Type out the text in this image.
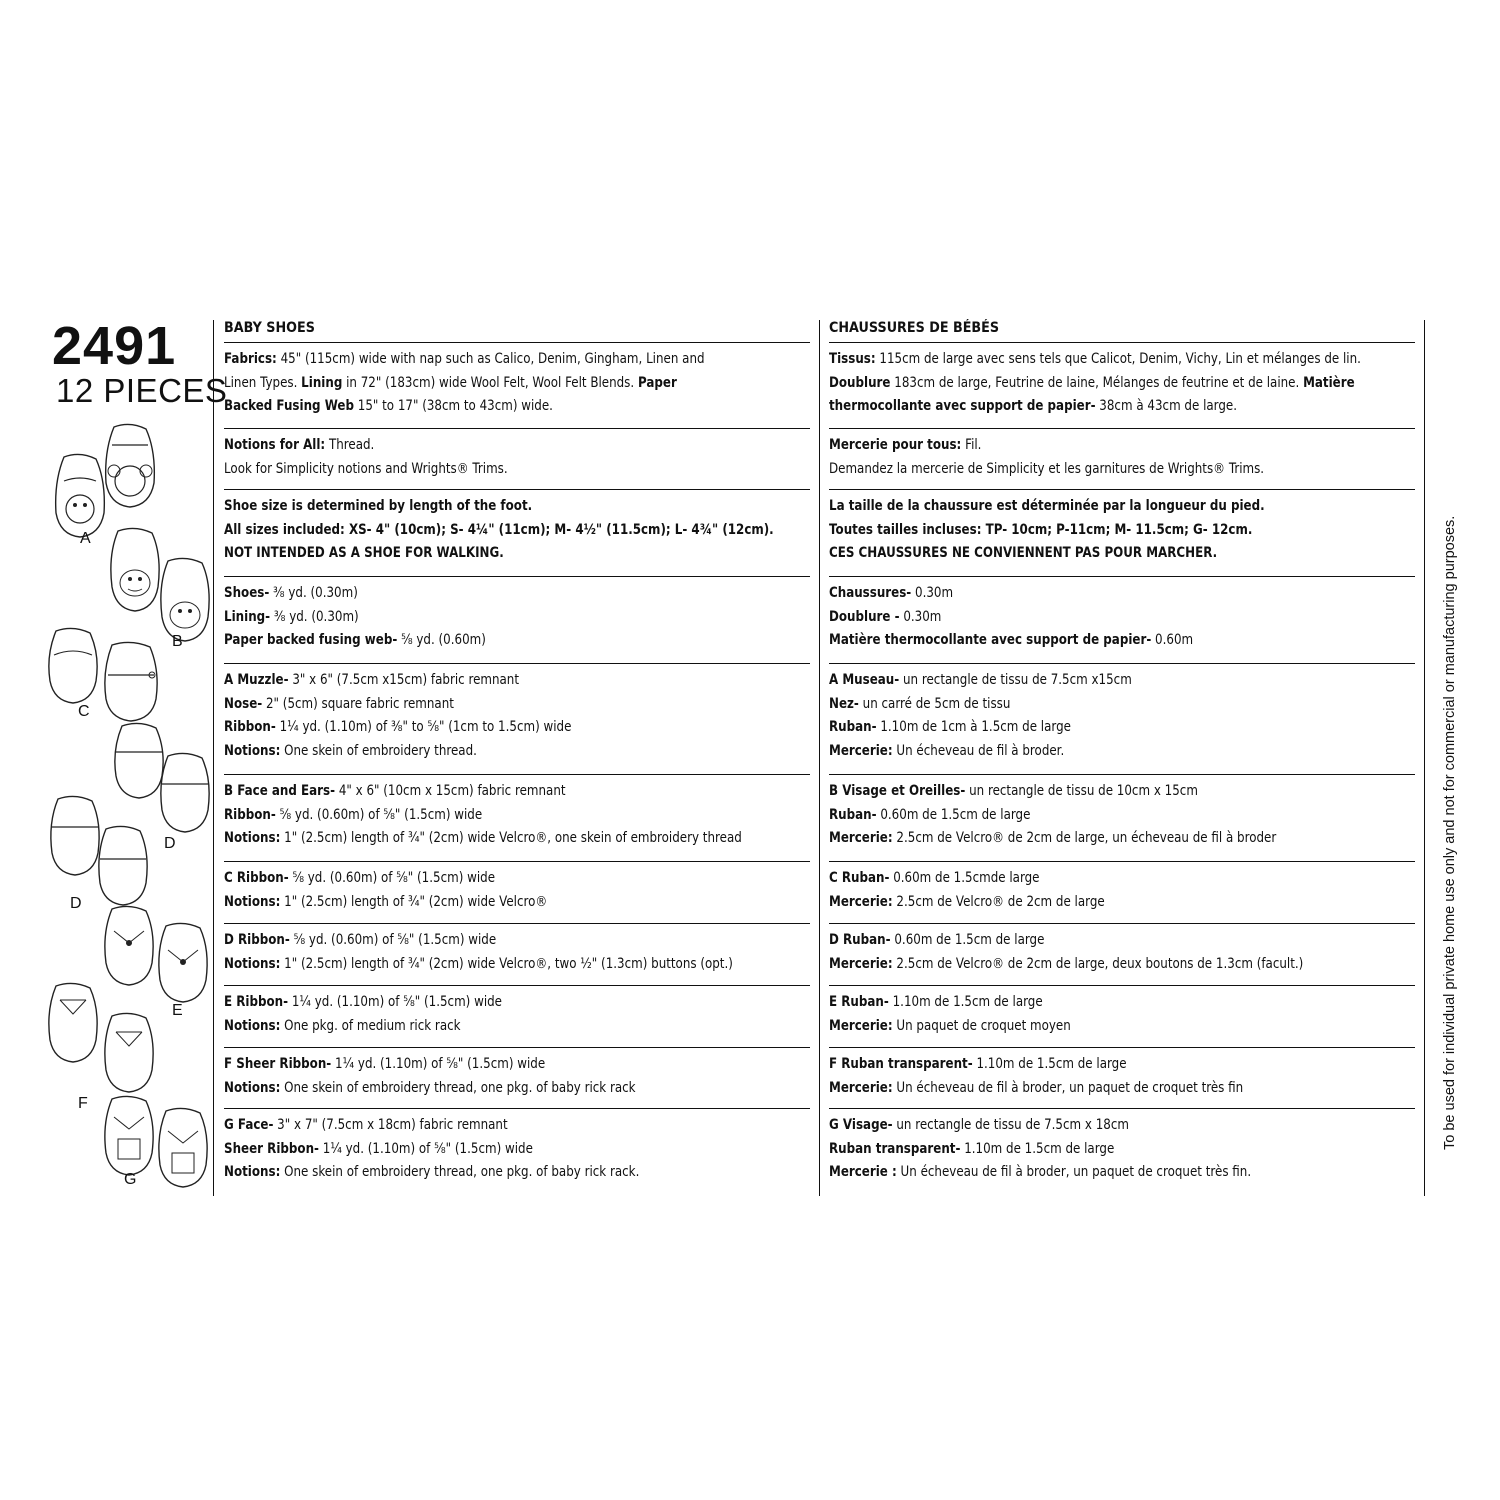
2491
12 PIECES
A
B
C
D
D
E
F
G
BABY SHOES
Fabrics: 45" (115cm) wide with nap such as Calico, Denim, Gingham, Linen and
Linen Types. Lining in 72" (183cm) wide Wool Felt, Wool Felt Blends. Paper
Backed Fusing Web 15" to 17" (38cm to 43cm) wide.
Notions for All: Thread.
Look for Simplicity notions and Wrights® Trims.
Shoe size is determined by length of the foot.
All sizes included: XS- 4" (10cm); S- 4¼" (11cm); M- 4½" (11.5cm); L- 4¾" (12cm).
NOT INTENDED AS A SHOE FOR WALKING.
Shoes- ⅜ yd. (0.30m)
Lining- ⅜ yd. (0.30m)
Paper backed fusing web- ⅝ yd. (0.60m)
A Muzzle- 3" x 6" (7.5cm x15cm) fabric remnant
Nose- 2" (5cm) square fabric remnant
Ribbon- 1¼ yd. (1.10m) of ⅜" to ⅝" (1cm to 1.5cm) wide
Notions: One skein of embroidery thread.
B Face and Ears- 4" x 6" (10cm x 15cm) fabric remnant
Ribbon- ⅝ yd. (0.60m) of ⅝" (1.5cm) wide
Notions: 1" (2.5cm) length of ¾" (2cm) wide Velcro®, one skein of embroidery thread
C Ribbon- ⅝ yd. (0.60m) of ⅝" (1.5cm) wide
Notions: 1" (2.5cm) length of ¾" (2cm) wide Velcro®
D Ribbon- ⅝ yd. (0.60m) of ⅝" (1.5cm) wide
Notions: 1" (2.5cm) length of ¾" (2cm) wide Velcro®, two ½" (1.3cm) buttons (opt.)
E Ribbon- 1¼ yd. (1.10m) of ⅝" (1.5cm) wide
Notions: One pkg. of medium rick rack
F Sheer Ribbon- 1¼ yd. (1.10m) of ⅝" (1.5cm) wide
Notions: One skein of embroidery thread, one pkg. of baby rick rack
G Face- 3" x 7" (7.5cm x 18cm) fabric remnant
Sheer Ribbon- 1¼ yd. (1.10m) of ⅝" (1.5cm) wide
Notions: One skein of embroidery thread, one pkg. of baby rick rack.
CHAUSSURES DE BÉBÉS
Tissus: 115cm de large avec sens tels que Calicot, Denim, Vichy, Lin et mélanges de lin.
Doublure 183cm de large, Feutrine de laine, Mélanges de feutrine et de laine. Matière
thermocollante avec support de papier- 38cm à 43cm de large.
Mercerie pour tous: Fil.
Demandez la mercerie de Simplicity et les garnitures de Wrights® Trims.
La taille de la chaussure est déterminée par la longueur du pied.
Toutes tailles incluses: TP- 10cm; P-11cm; M- 11.5cm; G- 12cm.
CES CHAUSSURES NE CONVIENNENT PAS POUR MARCHER.
Chaussures- 0.30m
Doublure - 0.30m
Matière thermocollante avec support de papier- 0.60m
A Museau- un rectangle de tissu de 7.5cm x15cm
Nez- un carré de 5cm de tissu
Ruban- 1.10m de 1cm à 1.5cm de large
Mercerie: Un écheveau de fil à broder.
B Visage et Oreilles- un rectangle de tissu de 10cm x 15cm
Ruban- 0.60m de 1.5cm de large
Mercerie: 2.5cm de Velcro® de 2cm de large, un écheveau de fil à broder
C Ruban- 0.60m de 1.5cmde large
Mercerie: 2.5cm de Velcro® de 2cm de large
D Ruban- 0.60m de 1.5cm de large
Mercerie: 2.5cm de Velcro® de 2cm de large, deux boutons de 1.3cm (facult.)
E Ruban- 1.10m de 1.5cm de large
Mercerie: Un paquet de croquet moyen
F Ruban transparent- 1.10m de 1.5cm de large
Mercerie: Un écheveau de fil à broder, un paquet de croquet très fin
G Visage- un rectangle de tissu de 7.5cm x 18cm
Ruban transparent- 1.10m de 1.5cm de large
Mercerie : Un écheveau de fil à broder, un paquet de croquet très fin.
To be used for individual private home use only and not for commercial or manufacturing purposes.
